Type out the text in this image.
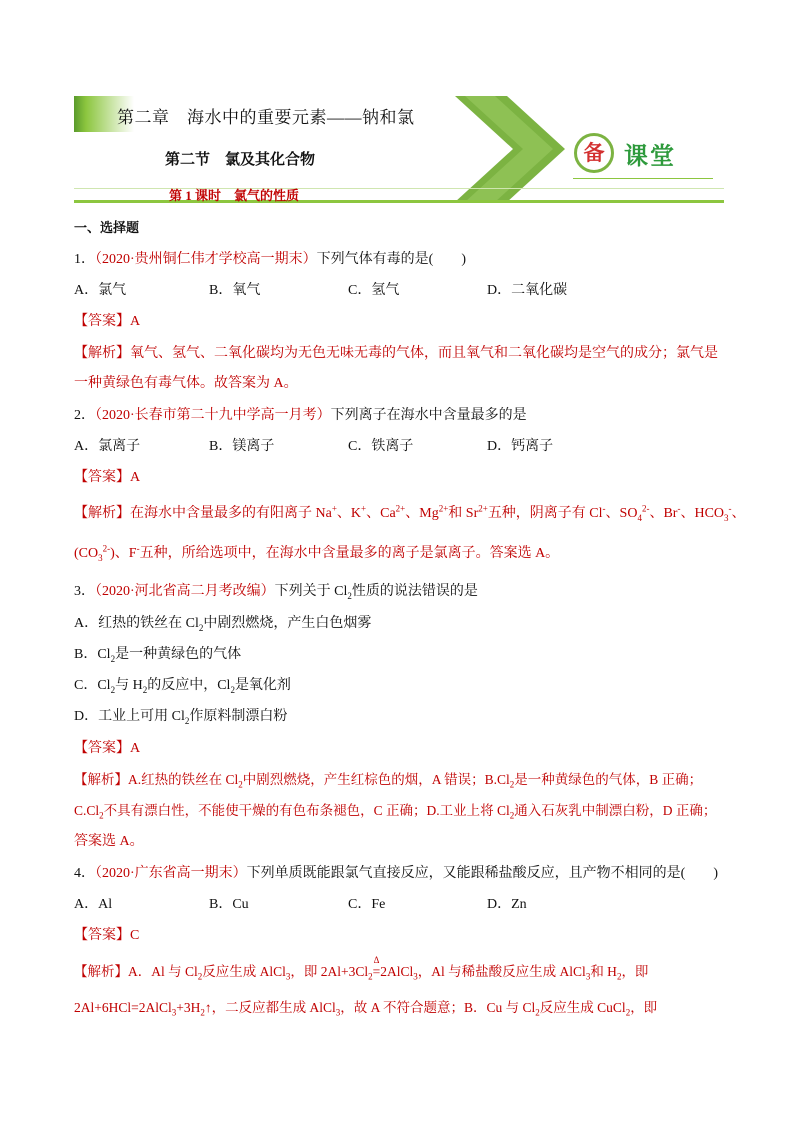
第二章　海水中的重要元素——钠和氯
第二节　氯及其化合物
第 1 课时　氯气的性质
备 课堂
一、选择题
1．（2020·贵州铜仁伟才学校高一期末）下列气体有毒的是(　　)
A．氯气	B．氧气	C．氢气	D．二氧化碳
【答案】A
【解析】氧气、氢气、二氧化碳均为无色无味无毒的气体，而且氧气和二氧化碳均是空气的成分；氯气是
一种黄绿色有毒气体。故答案为 A。
2．（2020·长春市第二十九中学高一月考）下列离子在海水中含量最多的是
A．氯离子	B．镁离子	C．铁离子	D．钙离子
【答案】A
【解析】在海水中含量最多的有阳离子 Na+、K+、$Ca^{2+}$、$Mg^{2+}$和 $Sr^{2+}$五种，阴离子有 Cl-、$SO_4^{2-}$、Br-、$HCO_3^-$、
$(CO_3^{2-})$、F-五种，所给选项中，在海水中含量最多的离子是氯离子。答案选 A。
3．（2020·河北省高二月考改编）下列关于 $Cl_2$性质的说法错误的是
A．红热的铁丝在 $Cl_2$中剧烈燃烧，产生白色烟雾
B．$Cl_2$是一种黄绿色的气体
C．$Cl_2$与 $H_2$的反应中，$Cl_2$是氧化剂
D．工业上可用 $Cl_2$作原料制漂白粉
【答案】A
【解析】A.红热的铁丝在 $Cl_2$中剧烈燃烧，产生红棕色的烟，A 错误；$B.Cl_2$是一种黄绿色的气体，B 正确；
$C.Cl_2$不具有漂白性，不能使干燥的有色布条褪色，C 正确；D.工业上将 $Cl_2$通入石灰乳中制漂白粉，D 正确；
答案选 A。
4．（2020·广东省高一期末）下列单质既能跟氯气直接反应，又能跟稀盐酸反应，且产物不相同的是(　　)
A．Al	B．Cu	C．Fe	D．Zn
【答案】C
【解析】A．Al 与 $Cl_2$反应生成 AlCl$_3$，即 $2Al+3Cl_2$
Δ
=2AlCl$_3$，Al 与稀盐酸反应生成 AlCl$_3$和 $H_2$，即
$2Al+6HCl=2AlCl_3+3H_2↑$，二反应都生成 AlCl$_3$，故 A 不符合题意；B．Cu 与 $Cl_2$反应生成 CuCl$_2$，即
